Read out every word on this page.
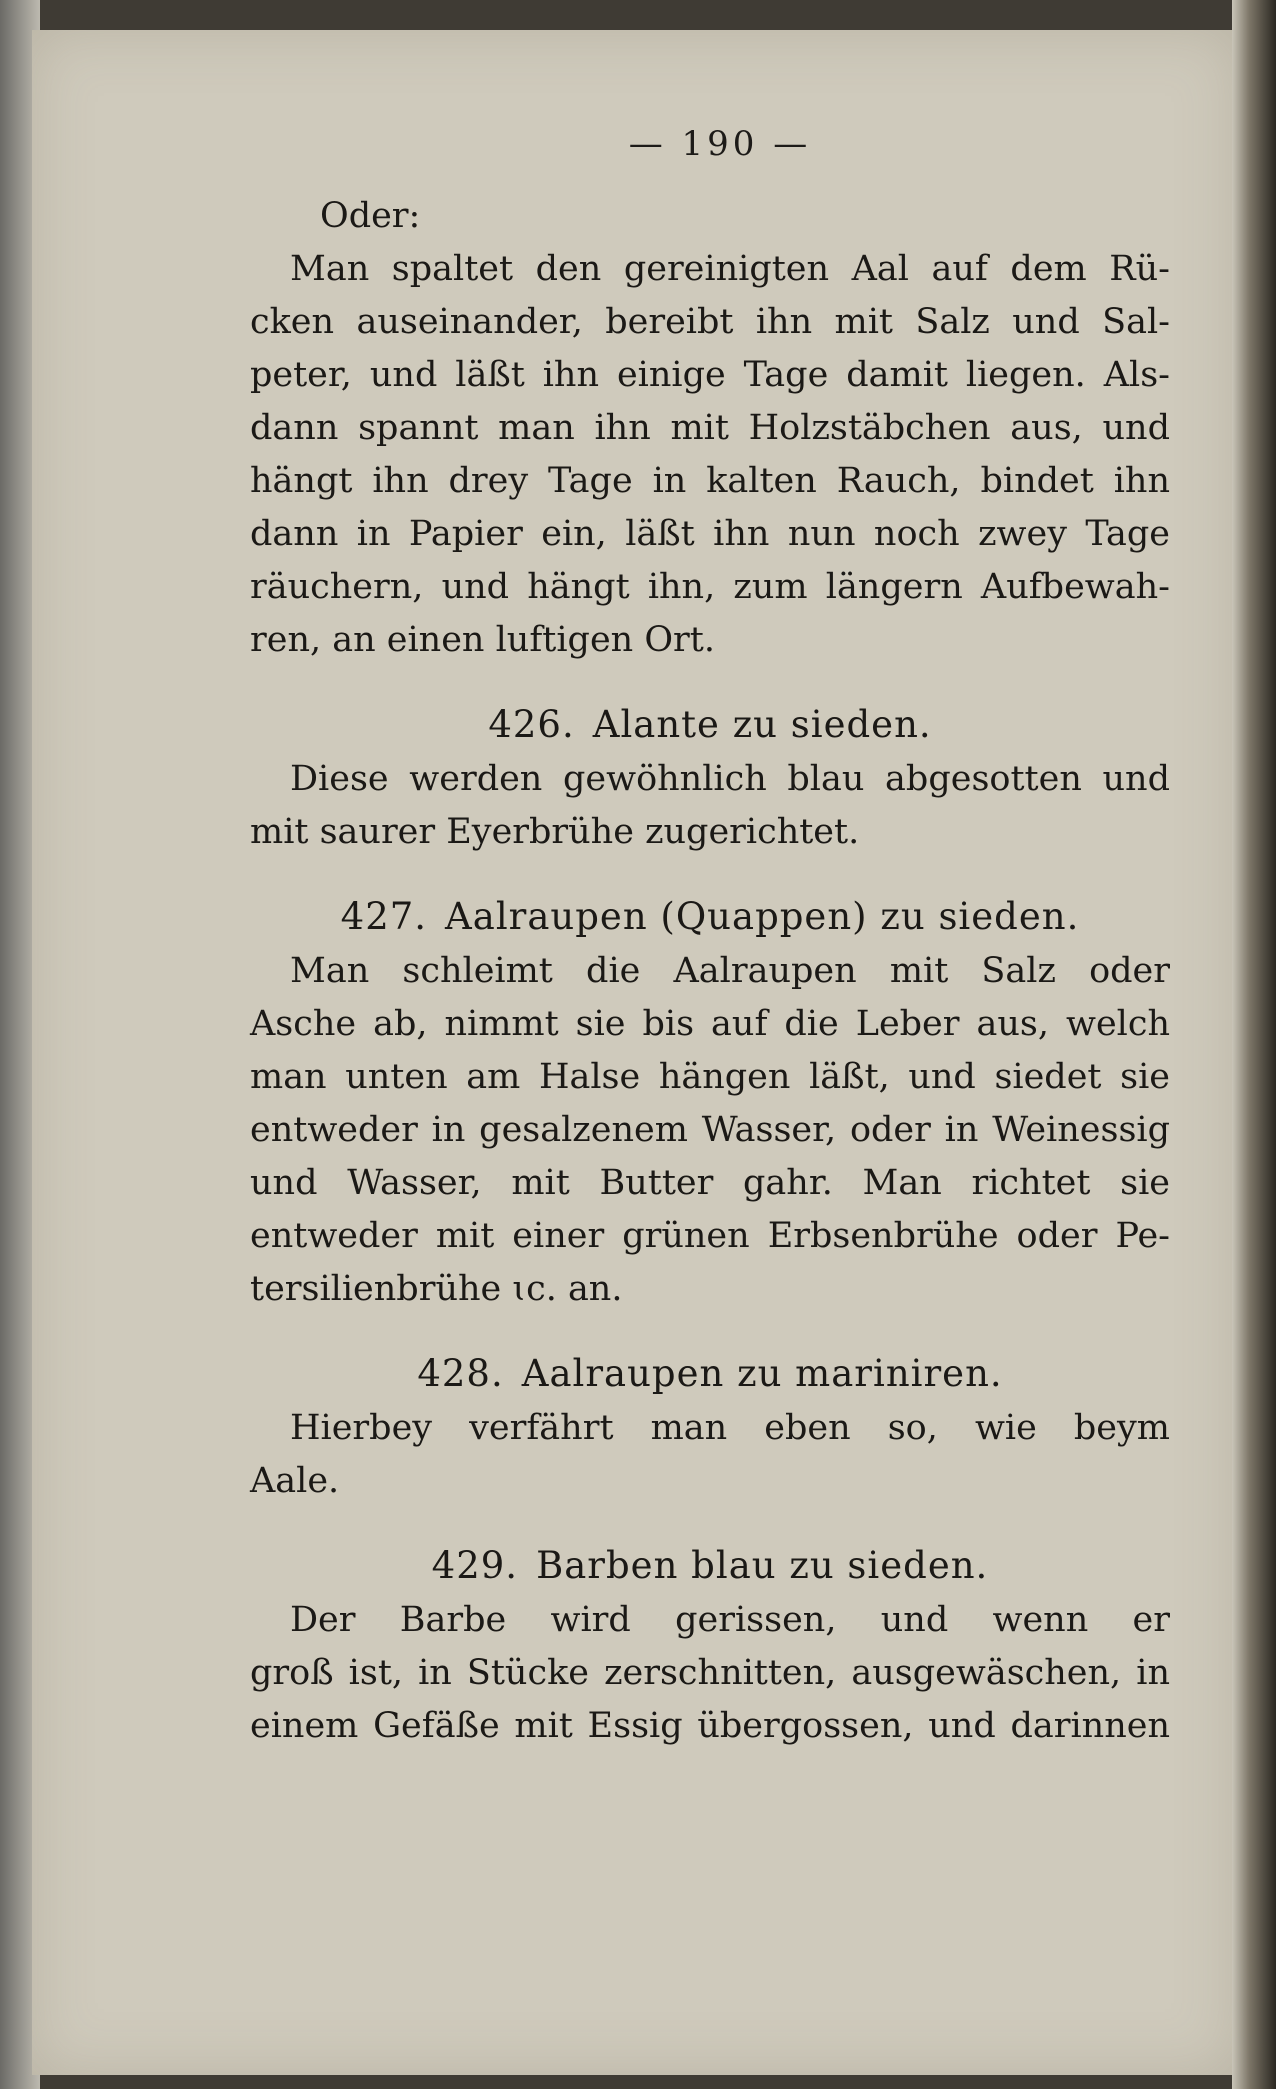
— 190 —

Oder:

Man spaltet den gereinigten Aal auf dem Rü-
cken auseinander, bereibt ihn mit Salz und Sal-
peter, und läßt ihn einige Tage damit liegen. Als-
dann spannt man ihn mit Holzstäbchen aus, und
hängt ihn drey Tage in kalten Rauch, bindet ihn
dann in Papier ein, läßt ihn nun noch zwey Tage
räuchern, und hängt ihn, zum längern Aufbewah-
ren, an einen luftigen Ort.

426. Alante zu sieden.

Diese werden gewöhnlich blau abgesotten und
mit saurer Eyerbrühe zugerichtet.

427. Aalraupen (Quappen) zu sieden.

Man schleimt die Aalraupen mit Salz oder
Asche ab, nimmt sie bis auf die Leber aus, welch
man unten am Halse hängen läßt, und siedet sie
entweder in gesalzenem Wasser, oder in Weinessig
und Wasser, mit Butter gahr. Man richtet sie
entweder mit einer grünen Erbsenbrühe oder Pe-
tersilienbrühe ɩc. an.

428. Aalraupen zu mariniren.

Hierbey verfährt man eben so, wie beym
Aale.

429. Barben blau zu sieden.

Der Barbe wird gerissen, und wenn er
groß ist, in Stücke zerschnitten, ausgewäschen, in
einem Gefäße mit Essig übergossen, und darinnen
